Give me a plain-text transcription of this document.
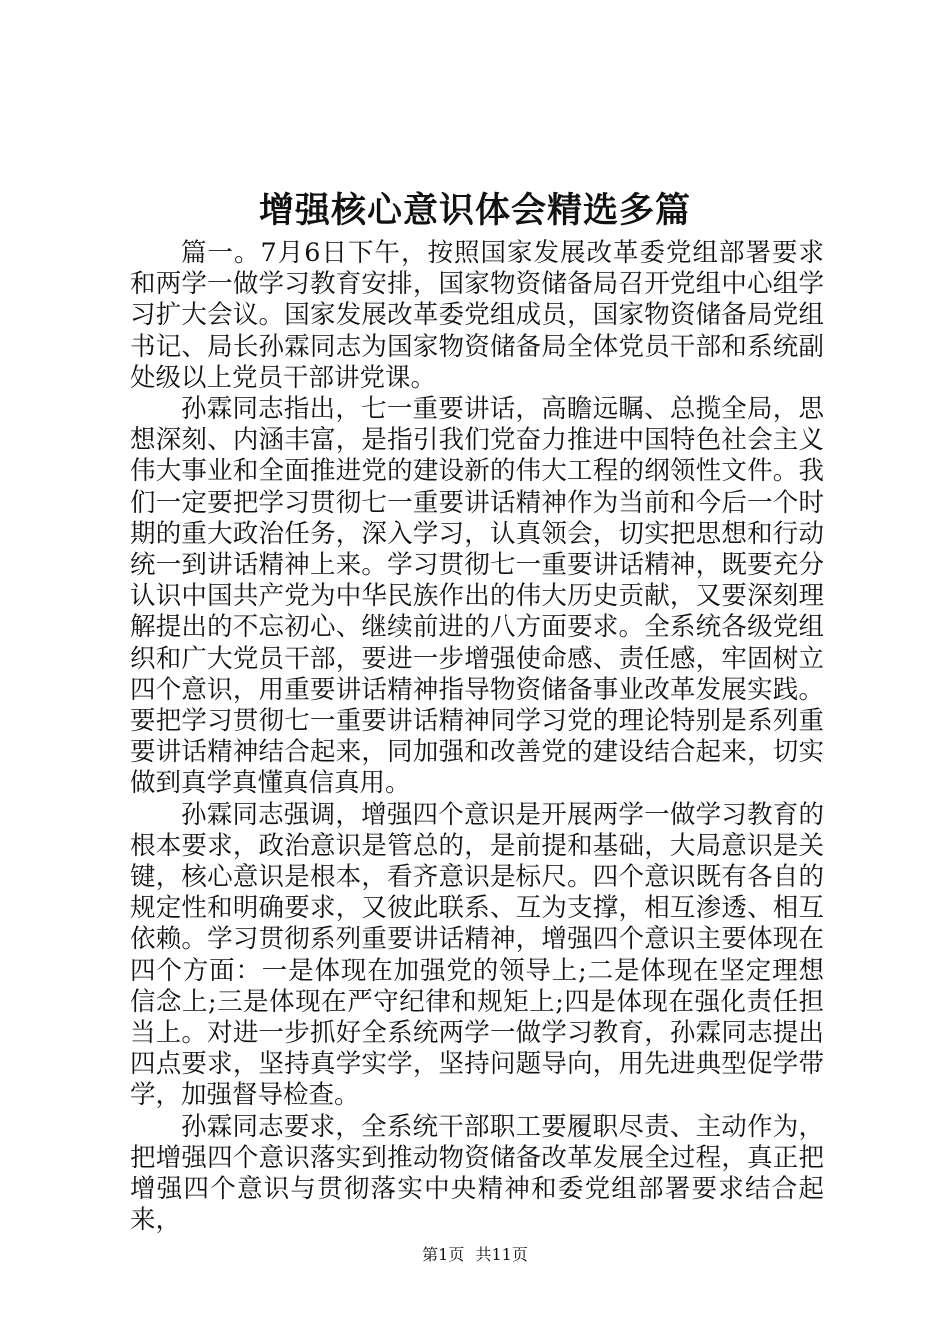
增强核心意识体会精选多篇

篇一。7月6日下午，按照国家发展改革委党组部署要求和两学一做学习教育安排，国家物资储备局召开党组中心组学习扩大会议。国家发展改革委党组成员，国家物资储备局党组书记、局长孙霖同志为国家物资储备局全体党员干部和系统副处级以上党员干部讲党课。

孙霖同志指出，七一重要讲话，高瞻远瞩、总揽全局，思想深刻、内涵丰富，是指引我们党奋力推进中国特色社会主义伟大事业和全面推进党的建设新的伟大工程的纲领性文件。我们一定要把学习贯彻七一重要讲话精神作为当前和今后一个时期的重大政治任务，深入学习，认真领会，切实把思想和行动统一到讲话精神上来。学习贯彻七一重要讲话精神，既要充分认识中国共产党为中华民族作出的伟大历史贡献，又要深刻理解提出的不忘初心、继续前进的八方面要求。全系统各级党组织和广大党员干部，要进一步增强使命感、责任感，牢固树立四个意识，用重要讲话精神指导物资储备事业改革发展实践。要把学习贯彻七一重要讲话精神同学习党的理论特别是系列重要讲话精神结合起来，同加强和改善党的建设结合起来，切实做到真学真懂真信真用。

孙霖同志强调，增强四个意识是开展两学一做学习教育的根本要求，政治意识是管总的，是前提和基础，大局意识是关键，核心意识是根本，看齐意识是标尺。四个意识既有各自的规定性和明确要求，又彼此联系、互为支撑，相互渗透、相互依赖。学习贯彻系列重要讲话精神，增强四个意识主要体现在四个方面：一是体现在加强党的领导上;二是体现在坚定理想信念上;三是体现在严守纪律和规矩上;四是体现在强化责任担当上。对进一步抓好全系统两学一做学习教育，孙霖同志提出四点要求，坚持真学实学，坚持问题导向，用先进典型促学带学，加强督导检查。

孙霖同志要求，全系统干部职工要履职尽责、主动作为，把增强四个意识落实到推动物资储备改革发展全过程，真正把增强四个意识与贯彻落实中央精神和委党组部署要求结合起来，

第1页 共11页
